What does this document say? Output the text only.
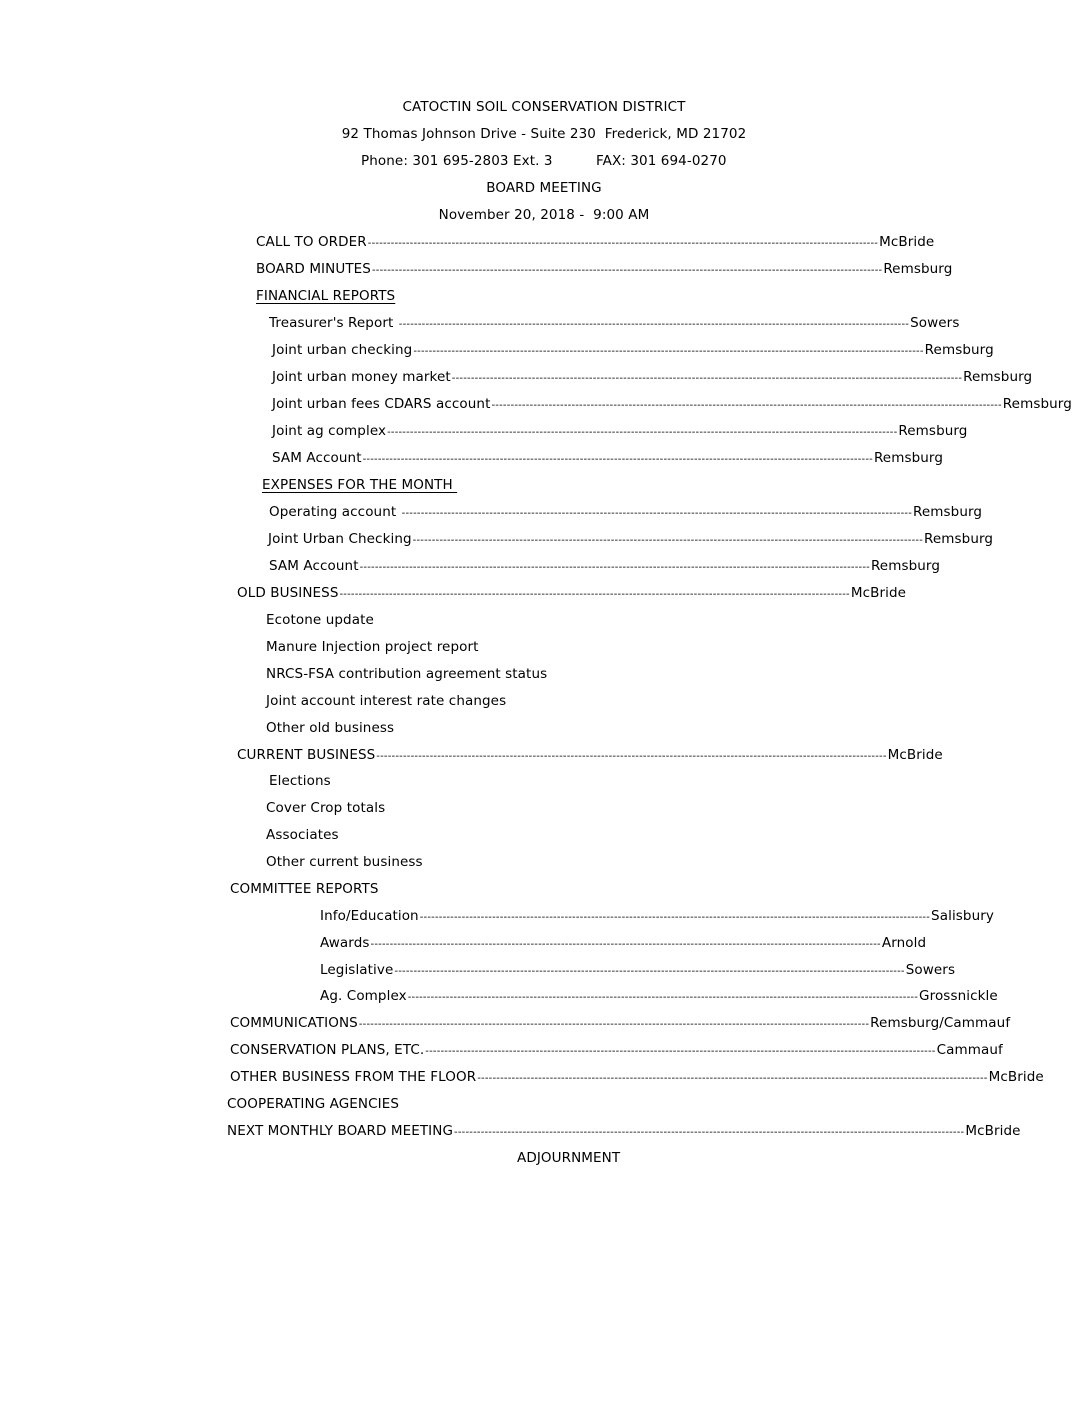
CATOCTIN SOIL CONSERVATION DISTRICT
92 Thomas Johnson Drive - Suite 230  Frederick, MD 21702
Phone: 301 695-2803 Ext. 3	FAX: 301 694-0270
BOARD MEETING
November 20, 2018 -  9:00 AM
CALL TO ORDER -------------------------------------------------------------------------------------------------------------------------------------- McBride
BOARD MINUTES -------------------------------------------------------------------------------------------------------------------------------------- Remsburg
FINANCIAL REPORTS
Treasurer's Report -------------------------------------------------------------------------------------------------------------------------------------- Sowers
Joint urban checking -------------------------------------------------------------------------------------------------------------------------------------- Remsburg
Joint urban money market -------------------------------------------------------------------------------------------------------------------------------------- Remsburg
Joint urban fees CDARS account -------------------------------------------------------------------------------------------------------------------------------------- Remsburg
Joint ag complex -------------------------------------------------------------------------------------------------------------------------------------- Remsburg
SAM Account -------------------------------------------------------------------------------------------------------------------------------------- Remsburg
EXPENSES FOR THE MONTH
Operating account -------------------------------------------------------------------------------------------------------------------------------------- Remsburg
Joint Urban Checking -------------------------------------------------------------------------------------------------------------------------------------- Remsburg
SAM Account -------------------------------------------------------------------------------------------------------------------------------------- Remsburg
OLD BUSINESS -------------------------------------------------------------------------------------------------------------------------------------- McBride
Ecotone update
Manure Injection project report
NRCS-FSA contribution agreement status
Joint account interest rate changes
Other old business
CURRENT BUSINESS -------------------------------------------------------------------------------------------------------------------------------------- McBride
Elections
Cover Crop totals
Associates
Other current business
COMMITTEE REPORTS
Info/Education -------------------------------------------------------------------------------------------------------------------------------------- Salisbury
Awards -------------------------------------------------------------------------------------------------------------------------------------- Arnold
Legislative -------------------------------------------------------------------------------------------------------------------------------------- Sowers
Ag. Complex -------------------------------------------------------------------------------------------------------------------------------------- Grossnickle
COMMUNICATIONS -------------------------------------------------------------------------------------------------------------------------------------- Remsburg/Cammauf
CONSERVATION PLANS, ETC. -------------------------------------------------------------------------------------------------------------------------------------- Cammauf
OTHER BUSINESS FROM THE FLOOR -------------------------------------------------------------------------------------------------------------------------------------- McBride
COOPERATING AGENCIES
NEXT MONTHLY BOARD MEETING -------------------------------------------------------------------------------------------------------------------------------------- McBride
ADJOURNMENT
